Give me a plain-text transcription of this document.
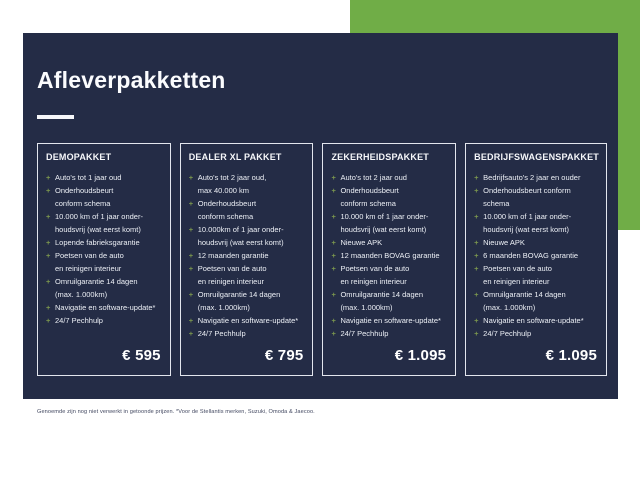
Afleverpakketten
DEMOPAKKET
+ Auto's tot 1 jaar oud
+ Onderhoudsbeurt
conform schema
+ 10.000 km of 1 jaar onder-
houdsvrij (wat eerst komt)
+ Lopende fabrieksgarantie
+ Poetsen van de auto
en reinigen interieur
+ Omruilgarantie 14 dagen
(max. 1.000km)
+ Navigatie en software-update*
+ 24/7 Pechhulp
€ 595
DEALER XL PAKKET
+ Auto's tot 2 jaar oud,
max 40.000 km
+ Onderhoudsbeurt
conform schema
+ 10.000km of 1 jaar onder-
houdsvrij (wat eerst komt)
+ 12 maanden garantie
+ Poetsen van de auto
en reinigen interieur
+ Omruilgarantie 14 dagen
(max. 1.000km)
+ Navigatie en software-update*
+ 24/7 Pechhulp
€ 795
ZEKERHEIDSPAKKET
+ Auto's tot 2 jaar oud
+ Onderhoudsbeurt
conform schema
+ 10.000 km of 1 jaar onder-
houdsvrij (wat eerst komt)
+ Nieuwe APK
+ 12 maanden BOVAG garantie
+ Poetsen van de auto
en reinigen interieur
+ Omruilgarantie 14 dagen
(max. 1.000km)
+ Navigatie en software-update*
+ 24/7 Pechhulp
€ 1.095
BEDRIJFSWAGENSPAKKET
+ Bedrijfsauto's 2 jaar en ouder
+ Onderhoudsbeurt conform
schema
+ 10.000 km of 1 jaar onder-
houdsvrij (wat eerst komt)
+ Nieuwe APK
+ 6 maanden BOVAG garantie
+ Poetsen van de auto
en reinigen interieur
+ Omruilgarantie 14 dagen
(max. 1.000km)
+ Navigatie en software-update*
+ 24/7 Pechhulp
€ 1.095

Genoemde zijn nog niet verwerkt in getoonde prijzen. *Voor de Stellantis merken, Suzuki, Omoda & Jaecoo.
